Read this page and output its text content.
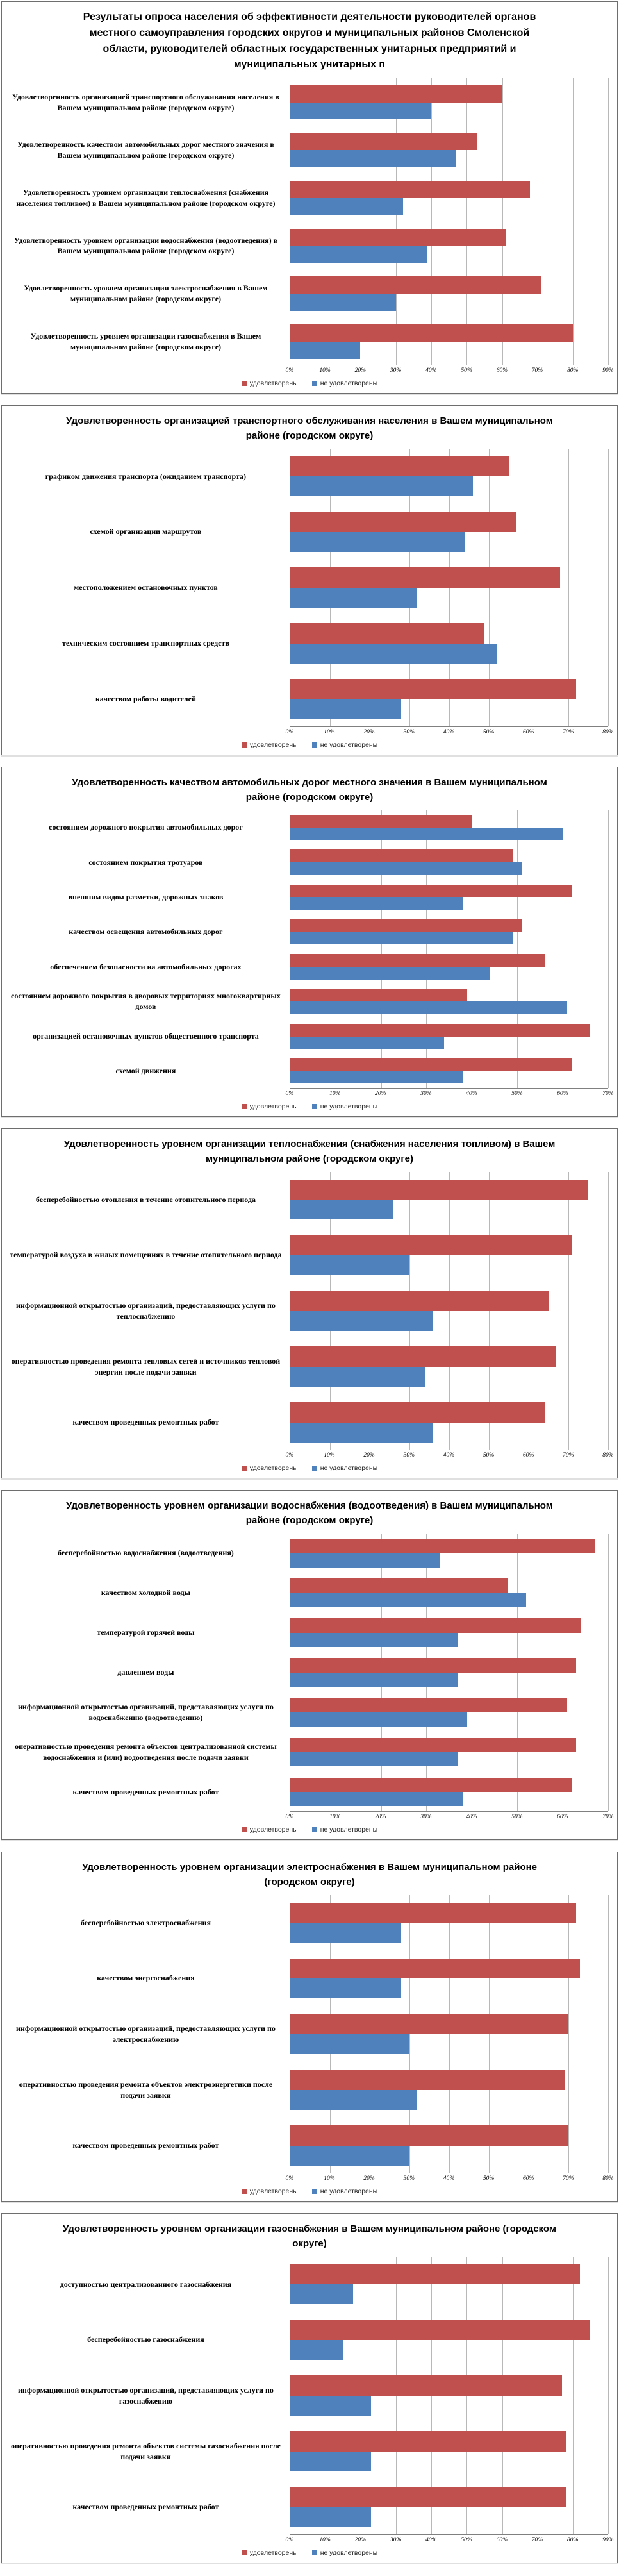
Результаты опроса населения об эффективности деятельности руководителей органов местного самоуправления городских округов и муниципальных районов Смоленской области, руководителей областных государственных унитарных предприятий и муниципальных унитарных п
Удовлетворенность организацией транспортного обслуживания населения в Вашем муниципальном районе (городском округе)
Удовлетворенность качеством автомобильных дорог местного значения в Вашем муниципальном районе (городском округе)
Удовлетворенность уровнем организации теплоснабжения (снабжения населения топливом) в Вашем муниципальном районе (городском округе)
Удовлетворенность уровнем организации водоснабжения (водоотведения) в Вашем муниципальном районе (городском округе)
Удовлетворенность уровнем организации электроснабжения в Вашем муниципальном районе (городском округе)
Удовлетворенность уровнем организации газоснабжения в Вашем муниципальном районе (городском округе)
0%	10%	20%	30%	40%	50%	60%	70%	80%	90%
удовлетворены	не удовлетворены
Удовлетворенность организацией транспортного обслуживания населения в Вашем муниципальном районе (городском округе)
графиком движения транспорта (ожиданием транспорта)
схемой организации маршрутов
местоположением остановочных пунктов
техническим состоянием транспортных средств
качеством работы водителей
0%	10%	20%	30%	40%	50%	60%	70%	80%
удовлетворены	не удовлетворены
Удовлетворенность качеством автомобильных дорог местного значения в Вашем муниципальном районе (городском округе)
состоянием дорожного покрытия автомобильных дорог
состоянием покрытия тротуаров
внешним видом разметки, дорожных знаков
качеством освещения автомобильных дорог
обеспечением безопасности на автомобильных дорогах
состоянием дорожного покрытия в дворовых территориях многоквартирных домов
организацией остановочных пунктов общественного транспорта
схемой движения
0%	10%	20%	30%	40%	50%	60%	70%
удовлетворены	не удовлетворены
Удовлетворенность уровнем организации теплоснабжения (снабжения населения топливом) в Вашем муниципальном районе (городском округе)
бесперебойностью отопления в течение отопительного периода
температурой воздуха в жилых помещениях в течение отопительного периода
информационной открытостью организаций, предоставляющих услуги по теплоснабжению
оперативностью проведения ремонта тепловых сетей и источников тепловой энергии после подачи заявки
качеством проведенных ремонтных работ
0%	10%	20%	30%	40%	50%	60%	70%	80%
удовлетворены	не удовлетворены
Удовлетворенность уровнем организации водоснабжения (водоотведения) в Вашем муниципальном районе (городском округе)
бесперебойностью водоснабжения (водоотведения)
качеством холодной воды
температурой горячей воды
давлением воды
информационной открытостью организаций, представляющих услуги по водоснабжению (водоотведению)
оперативностью проведения ремонта объектов централизованной системы водоснабжения и (или) водоотведения после подачи заявки
качеством проведенных ремонтных работ
0%	10%	20%	30%	40%	50%	60%	70%
удовлетворены	не удовлетворены
Удовлетворенность уровнем организации электроснабжения в Вашем муниципальном районе (городском округе)
бесперебойностью электроснабжения
качеством энергоснабжения
информационной открытостью организаций, предоставляющих услуги по электроснабжению
оперативностью проведения ремонта объектов электроэнергетики после подачи заявки
качеством проведенных ремонтных работ
0%	10%	20%	30%	40%	50%	60%	70%	80%
удовлетворены	не удовлетворены
Удовлетворенность уровнем организации газоснабжения в Вашем муниципальном районе (городском округе)
доступностью централизованного газоснабжения
бесперебойностью газоснабжения
информационной открытостью организаций, представляющих услуги по газоснабжению
оперативностью проведения ремонта объектов системы газоснабжения после подачи заявки
качеством проведенных ремонтных работ
0%	10%	20%	30%	40%	50%	60%	70%	80%	90%
удовлетворены	не удовлетворены
